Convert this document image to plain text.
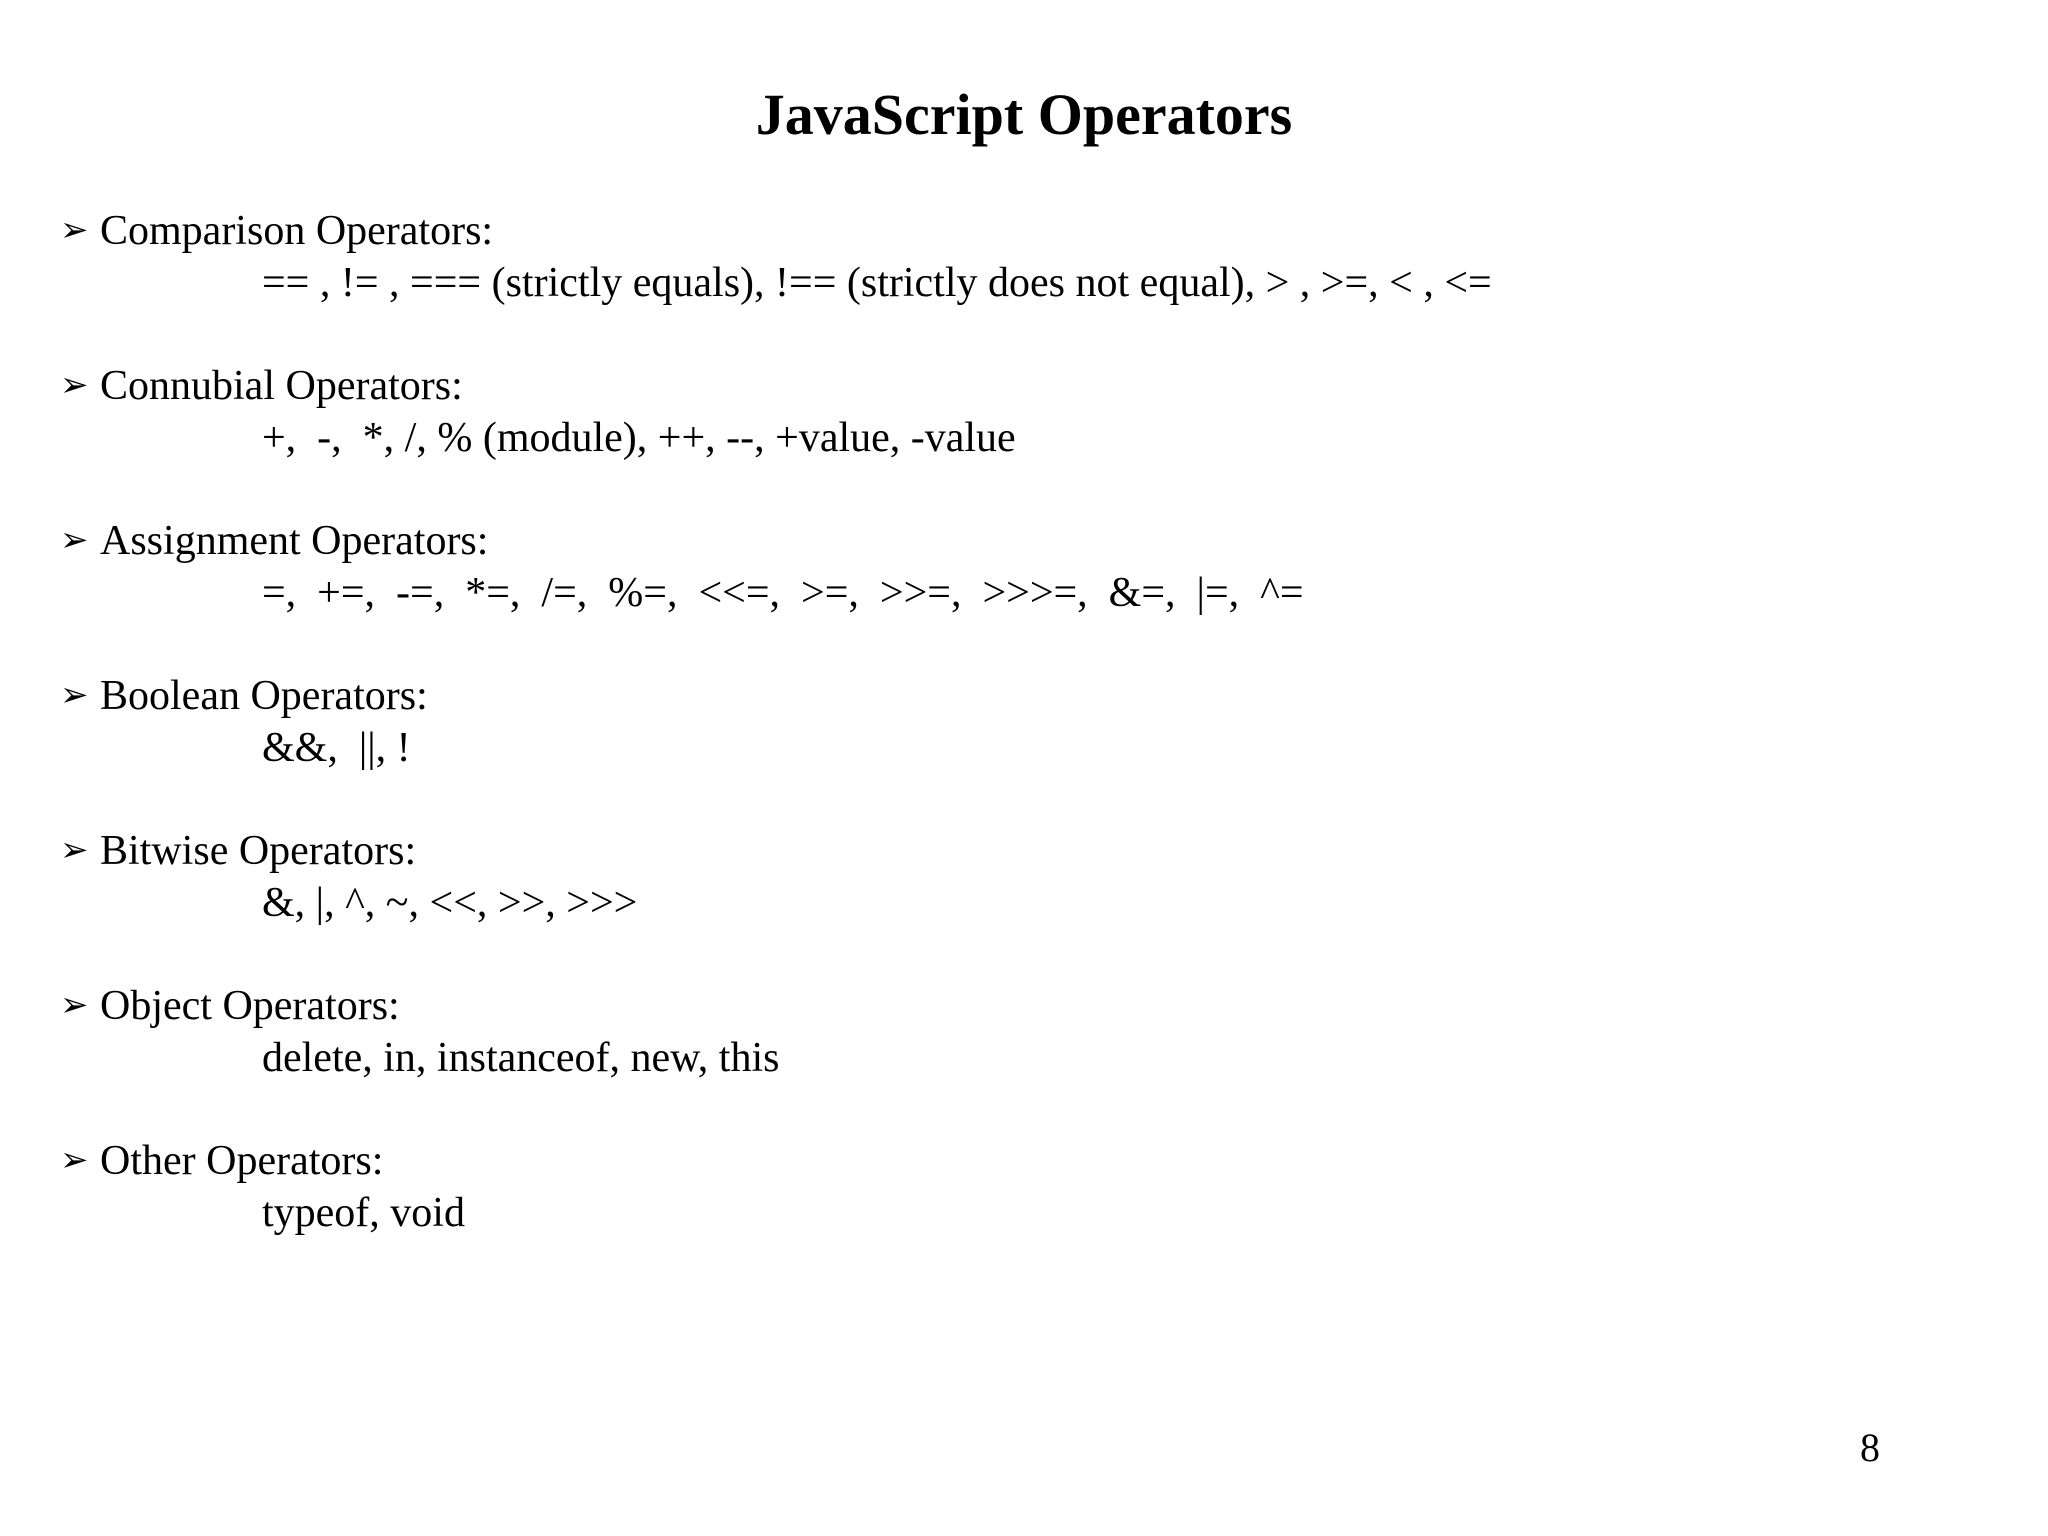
JavaScript Operators
➢ Comparison Operators:
== , != , === (strictly equals), !== (strictly does not equal), > , >=, < , <=
➢ Connubial Operators:
+,  -,  *, /, % (module), ++, --, +value, -value
➢ Assignment Operators:
=,  +=,  -=,  *=,  /=,  %=,  <<=,  >=,  >>=,  >>>=,  &=,  |=,  ^=
➢ Boolean Operators:
&&,  ||, !
➢ Bitwise Operators:
&, |, ^, ~, <<, >>, >>>
➢ Object Operators:
delete, in, instanceof, new, this
➢ Other Operators:
typeof, void
8
